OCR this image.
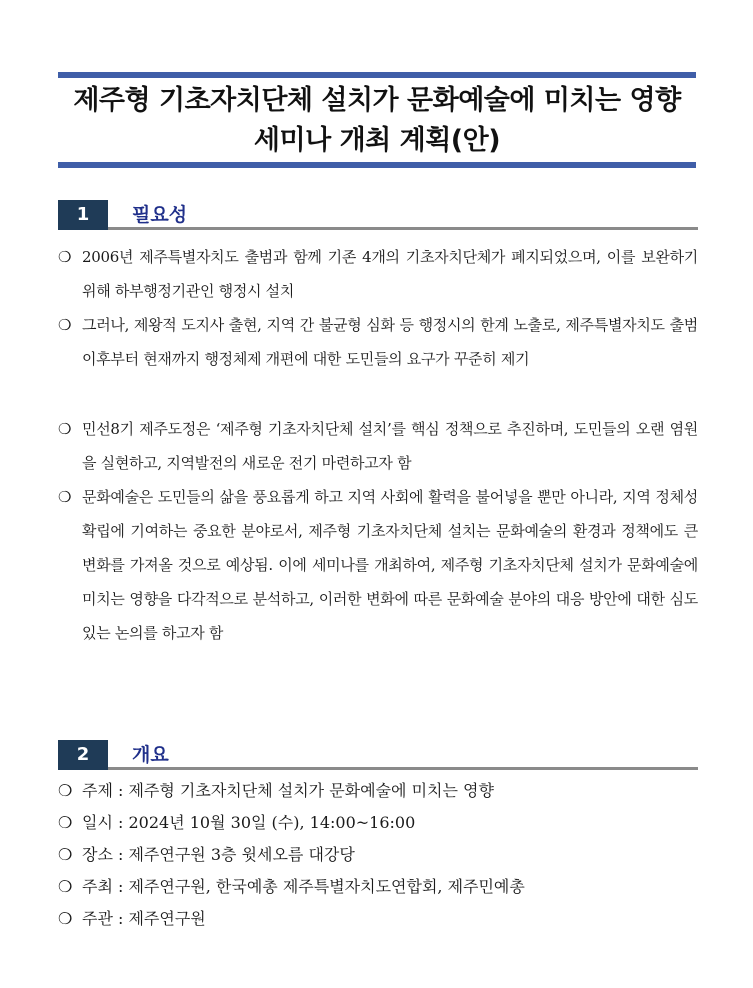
제주형 기초자치단체 설치가 문화예술에 미치는 영향
세미나 개최 계획(안)
1	필요성
❍ 2006년 제주특별자치도 출범과 함께 기존 4개의 기초자치단체가 폐지되었으며, 이를 보완하기 위해 하부행정기관인 행정시 설치
❍ 그러나, 제왕적 도지사 출현, 지역 간 불균형 심화 등 행정시의 한계 노출로, 제주특별자치도 출범 이후부터 현재까지 행정체제 개편에 대한 도민들의 요구가 꾸준히 제기
❍ 민선8기 제주도정은 ‘제주형 기초자치단체 설치’를 핵심 정책으로 추진하며, 도민들의 오랜 염원을 실현하고, 지역발전의 새로운 전기 마련하고자 함
❍ 문화예술은 도민들의 삶을 풍요롭게 하고 지역 사회에 활력을 불어넣을 뿐만 아니라, 지역 정체성 확립에 기여하는 중요한 분야로서, 제주형 기초자치단체 설치는 문화예술의 환경과 정책에도 큰 변화를 가져올 것으로 예상됨. 이에 세미나를 개최하여, 제주형 기초자치단체 설치가 문화예술에 미치는 영향을 다각적으로 분석하고, 이러한 변화에 따른 문화예술 분야의 대응 방안에 대한 심도 있는 논의를 하고자 함
2	개요
❍ 주제 : 제주형 기초자치단체 설치가 문화예술에 미치는 영향
❍ 일시 : 2024년 10월 30일 (수), 14:00~16:00
❍ 장소 : 제주연구원 3층 윗세오름 대강당
❍ 주최 : 제주연구원, 한국예총 제주특별자치도연합회, 제주민예총
❍ 주관 : 제주연구원
